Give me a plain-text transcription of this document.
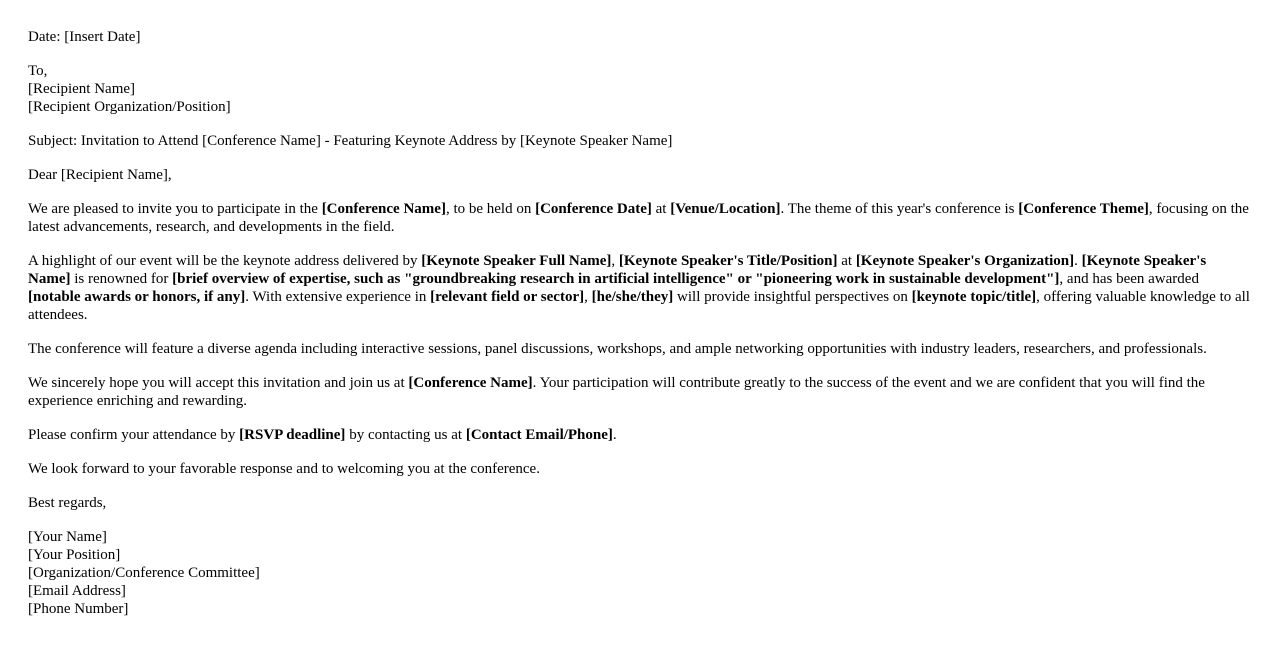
Date: [Insert Date]

To,
[Recipient Name]
[Recipient Organization/Position]

Subject: Invitation to Attend [Conference Name] - Featuring Keynote Address by [Keynote Speaker Name]

Dear [Recipient Name],

We are pleased to invite you to participate in the [Conference Name], to be held on [Conference Date] at [Venue/Location]. The theme of this year's conference is [Conference Theme], focusing on the latest advancements, research, and developments in the field.

A highlight of our event will be the keynote address delivered by [Keynote Speaker Full Name], [Keynote Speaker's Title/Position] at [Keynote Speaker's Organization]. [Keynote Speaker's Name] is renowned for [brief overview of expertise, such as "groundbreaking research in artificial intelligence" or "pioneering work in sustainable development"], and has been awarded [notable awards or honors, if any]. With extensive experience in [relevant field or sector], [he/she/they] will provide insightful perspectives on [keynote topic/title], offering valuable knowledge to all attendees.

The conference will feature a diverse agenda including interactive sessions, panel discussions, workshops, and ample networking opportunities with industry leaders, researchers, and professionals.

We sincerely hope you will accept this invitation and join us at [Conference Name]. Your participation will contribute greatly to the success of the event and we are confident that you will find the experience enriching and rewarding.

Please confirm your attendance by [RSVP deadline] by contacting us at [Contact Email/Phone].

We look forward to your favorable response and to welcoming you at the conference.

Best regards,

[Your Name]
[Your Position]
[Organization/Conference Committee]
[Email Address]
[Phone Number]
